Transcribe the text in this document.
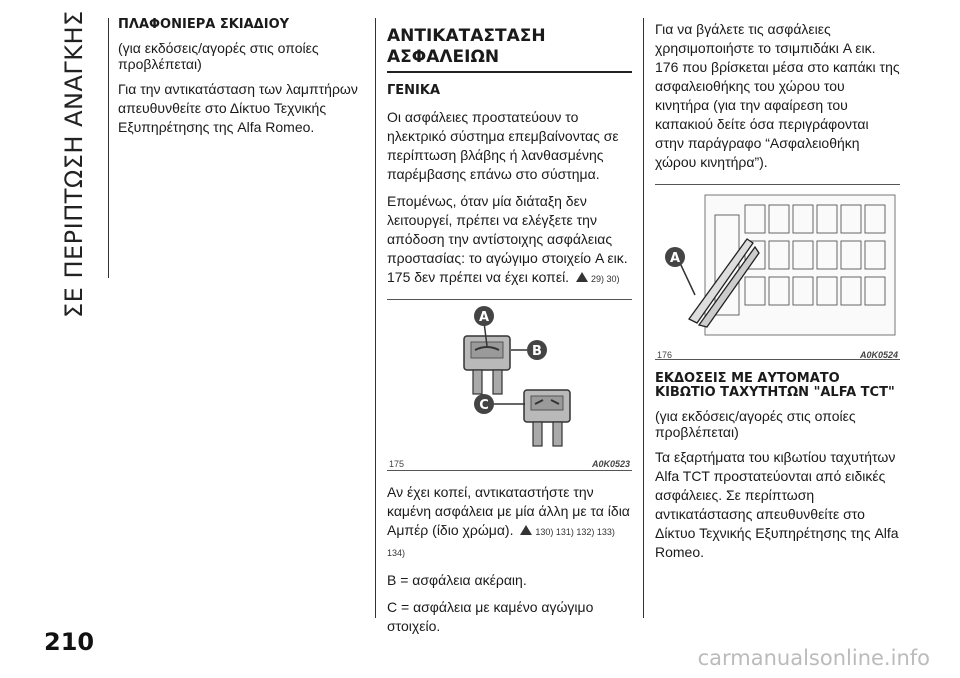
ΣΕ ΠΕΡΙΠΤΩΣΗ ΑΝΑΓΚΗΣ
210

ΠΛΑΦΟΝΙΕΡΑ ΣΚΙΑΔΙΟΥ

(για εκδόσεις/αγορές στις οποίες προβλέπεται)

Για την αντικατάσταση των λαμπτήρων απευθυνθείτε στο Δίκτυο Τεχνικής Εξυπηρέτησης της Alfa Romeo.

ΑΝΤΙΚΑΤΑΣΤΑΣΗ ΑΣΦΑΛΕΙΩΝ

ΓΕΝΙΚΑ

Οι ασφάλειες προστατεύουν το ηλεκτρικό σύστημα επεμβαίνοντας σε περίπτωση βλάβης ή λανθασμένης παρέμβασης επάνω στο σύστημα.

Επομένως, όταν μία διάταξη δεν λειτουργεί, πρέπει να ελέγξετε την απόδοση την αντίστοιχης ασφάλειας προστασίας: το αγώγιμο στοιχείο A εικ. 175 δεν πρέπει να έχει κοπεί. 29) 30)

A
B
C
175	A0K0523

Αν έχει κοπεί, αντικαταστήστε την καμένη ασφάλεια με μία άλλη με τα ίδια Αμπέρ (ίδιο χρώμα). 130) 131) 132) 133) 134)

B = ασφάλεια ακέραιη.

C = ασφάλεια με καμένο αγώγιμο στοιχείο.

Για να βγάλετε τις ασφάλειες χρησιμοποιήστε το τσιμπιδάκι A εικ. 176 που βρίσκεται μέσα στο καπάκι της ασφαλειοθήκης του χώρου του κινητήρα (για την αφαίρεση του καπακιού δείτε όσα περιγράφονται στην παράγραφο “Ασφαλειοθήκη χώρου κινητήρα”).

A
176	A0K0524

ΕΚΔΟΣΕΙΣ ΜΕ ΑΥΤΟΜΑΤΟ ΚΙΒΩΤΙΟ ΤΑΧΥΤΗΤΩΝ "ALFA TCT"

(για εκδόσεις/αγορές στις οποίες προβλέπεται)

Τα εξαρτήματα του κιβωτίου ταχυτήτων Alfa TCT προστατεύονται από ειδικές ασφάλειες. Σε περίπτωση αντικατάστασης απευθυνθείτε στο Δίκτυο Τεχνικής Εξυπηρέτησης της Alfa Romeo.

carmanualsonline.info
